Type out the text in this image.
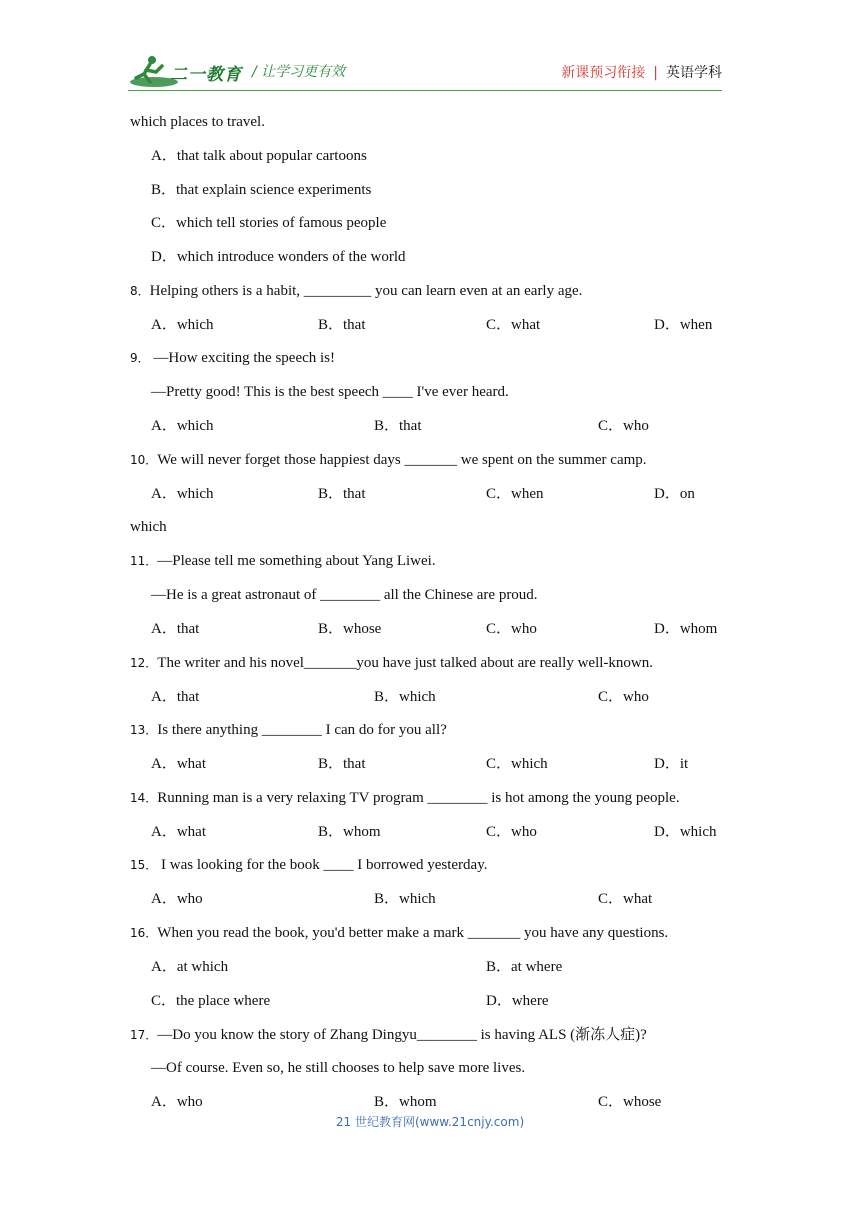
二一教育 / 让学习更有效	新课预习衔接 | 英语学科
which places to travel.
A．that talk about popular cartoons
B．that explain science experiments
C．which tell stories of famous people
D．which introduce wonders of the world
8．Helping others is a habit, _________ you can learn even at an early age.
A．which	B．that	C．what	D．when
9． —How exciting the speech is!
—Pretty good! This is the best speech ____ I've ever heard.
A．which	B．that	C．who
10．We will never forget those happiest days _______ we spent on the summer camp.
A．which	B．that	C．when	D．on
which
11．—Please tell me something about Yang Liwei.
—He is a great astronaut of ________ all the Chinese are proud.
A．that	B．whose	C．who	D．whom
12．The writer and his novel_______you have just talked about are really well-known.
A．that	B．which	C．who
13．Is there anything ________ I can do for you all?
A．what	B．that	C．which	D．it
14．Running man is a very relaxing TV program ________ is hot among the young people.
A．what	B．whom	C．who	D．which
15． I was looking for the book ____ I borrowed yesterday.
A．who	B．which	C．what
16．When you read the book, you'd better make a mark _______ you have any questions.
A．at which	B．at where
C．the place where	D．where
17．—Do you know the story of Zhang Dingyu________ is having ALS (渐冻人症)?
—Of course. Even so, he still chooses to help save more lives.
A．who	B．whom	C．whose
21 世纪教育网(www.21cnjy.com)
